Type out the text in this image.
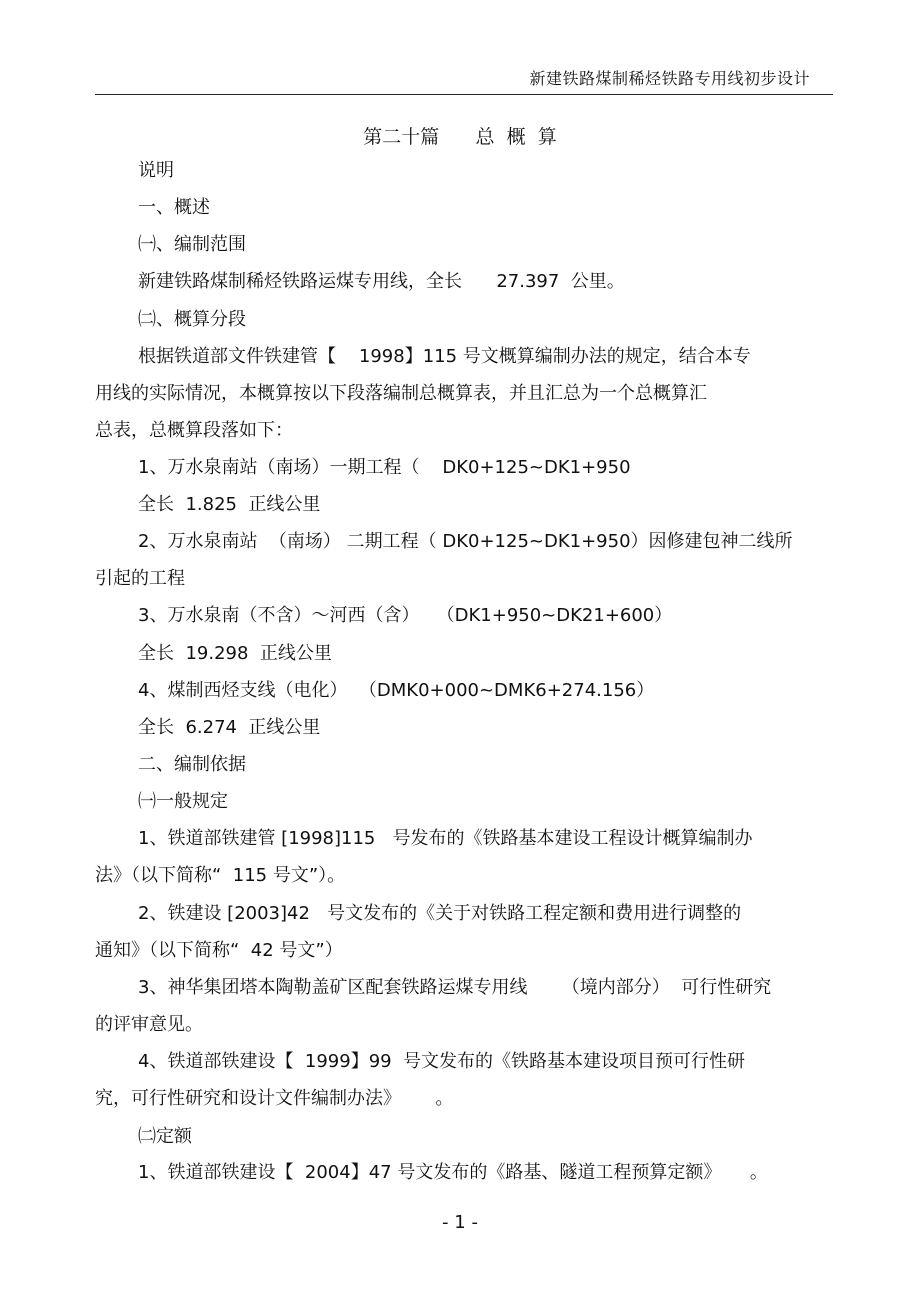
新建铁路煤制稀烃铁路专用线初步设计
第二十篇      总  概  算

说明

一、概述

㈠、编制范围

新建铁路煤制稀烃铁路运煤专用线，全长      27.397  公里。

㈡、概算分段

根据铁道部文件铁建管【    1998】115 号文概算编制办法的规定，结合本专

用线的实际情况，本概算按以下段落编制总概算表，并且汇总为一个总概算汇

总表，总概算段落如下：

1、万水泉南站（南场）一期工程（    DK0+125~DK1+950

全长  1.825  正线公里

2、万水泉南站  （南场） 二期工程（ DK0+125~DK1+950）因修建包神二线所

引起的工程

3、万水泉南（不含）～河西（含）   （DK1+950~DK21+600）

全长  19.298  正线公里

4、煤制西烃支线（电化）  （DMK0+000~DMK6+274.156）

全长  6.274  正线公里

二、编制依据

㈠一般规定

1、铁道部铁建管 [1998]115   号发布的《铁路基本建设工程设计概算编制办

法》（以下简称“  115 号文”）。

2、铁建设 [2003]42   号文发布的《关于对铁路工程定额和费用进行调整的

通知》（以下简称“  42 号文”）

3、神华集团塔本陶勒盖矿区配套铁路运煤专用线      （境内部分）  可行性研究

的评审意见。

4、铁道部铁建设【  1999】99  号文发布的《铁路基本建设项目预可行性研

究，可行性研究和设计文件编制办法》      。

㈡定额

1、铁道部铁建设【  2004】47 号文发布的《路基、隧道工程预算定额》     。

- 1 -
